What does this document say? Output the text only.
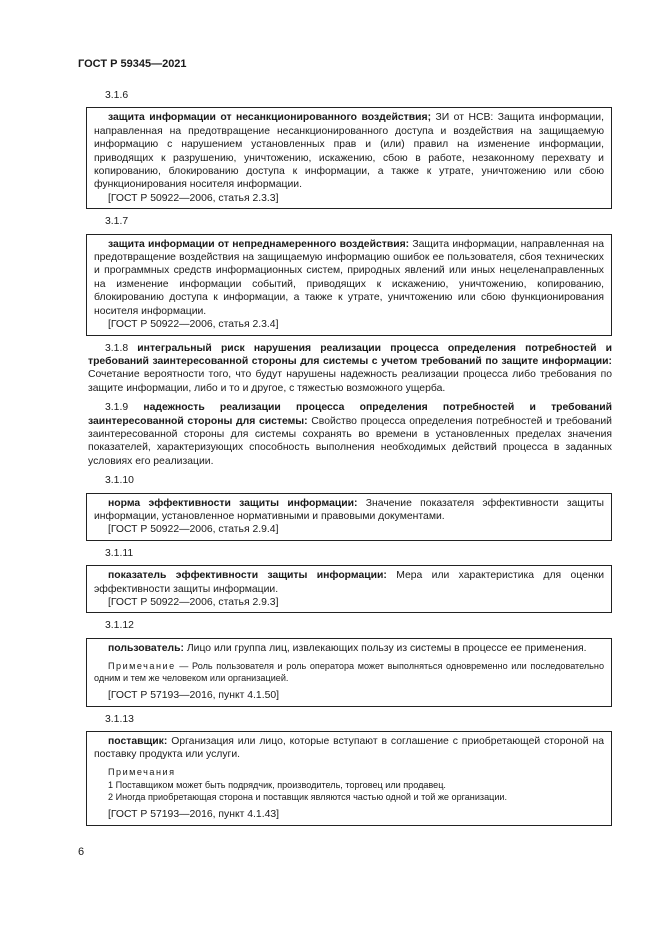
ГОСТ Р 59345—2021
3.1.6

защита информации от несанкционированного воздействия; ЗИ от НСВ: Защита информации, направленная на предотвращение несанкционированного доступа и воздействия на защищаемую информацию с нарушением установленных прав и (или) правил на изменение информации, приводящих к разрушению, уничтожению, искажению, сбою в работе, незаконному перехвату и копированию, блокированию доступа к информации, а также к утрате, уничтожению или сбою функционирования носителя информации.

[ГОСТ Р 50922—2006, статья 2.3.3]
3.1.7

защита информации от непреднамеренного воздействия: Защита информации, направленная на предотвращение воздействия на защищаемую информацию ошибок ее пользователя, сбоя технических и программных средств информационных систем, природных явлений или иных нецеленаправленных на изменение информации событий, приводящих к искажению, уничтожению, копированию, блокированию доступа к информации, а также к утрате, уничтожению или сбою функционирования носителя информации.

[ГОСТ Р 50922—2006, статья 2.3.4]

3.1.8 интегральный риск нарушения реализации процесса определения потребностей и требований заинтересованной стороны для системы с учетом требований по защите информации: Сочетание вероятности того, что будут нарушены надежность реализации процесса либо требования по защите информации, либо и то и другое, с тяжестью возможного ущерба.

3.1.9 надежность реализации процесса определения потребностей и требований заинтересованной стороны для системы: Свойство процесса определения потребностей и требований заинтересованной стороны для системы сохранять во времени в установленных пределах значения показателей, характеризующих способность выполнения необходимых действий процесса в заданных условиях его реализации.

3.1.10

норма эффективности защиты информации: Значение показателя эффективности защиты информации, установленное нормативными и правовыми документами.

[ГОСТ Р 50922—2006, статья 2.9.4]
3.1.11

показатель эффективности защиты информации: Мера или характеристика для оценки эффективности защиты информации.

[ГОСТ Р 50922—2006, статья 2.9.3]
3.1.12

пользователь: Лицо или группа лиц, извлекающих пользу из системы в процессе ее применения.

Примечание — Роль пользователя и роль оператора может выполняться одновременно или последовательно одним и тем же человеком или организацией.
[ГОСТ Р 57193—2016, пункт 4.1.50]
3.1.13

поставщик: Организация или лицо, которые вступают в соглашение с приобретающей стороной на поставку продукта или услуги.

Примечания
1 Поставщиком может быть подрядчик, производитель, торговец или продавец.
2 Иногда приобретающая сторона и поставщик являются частью одной и той же организации.
[ГОСТ Р 57193—2016, пункт 4.1.43]
6
